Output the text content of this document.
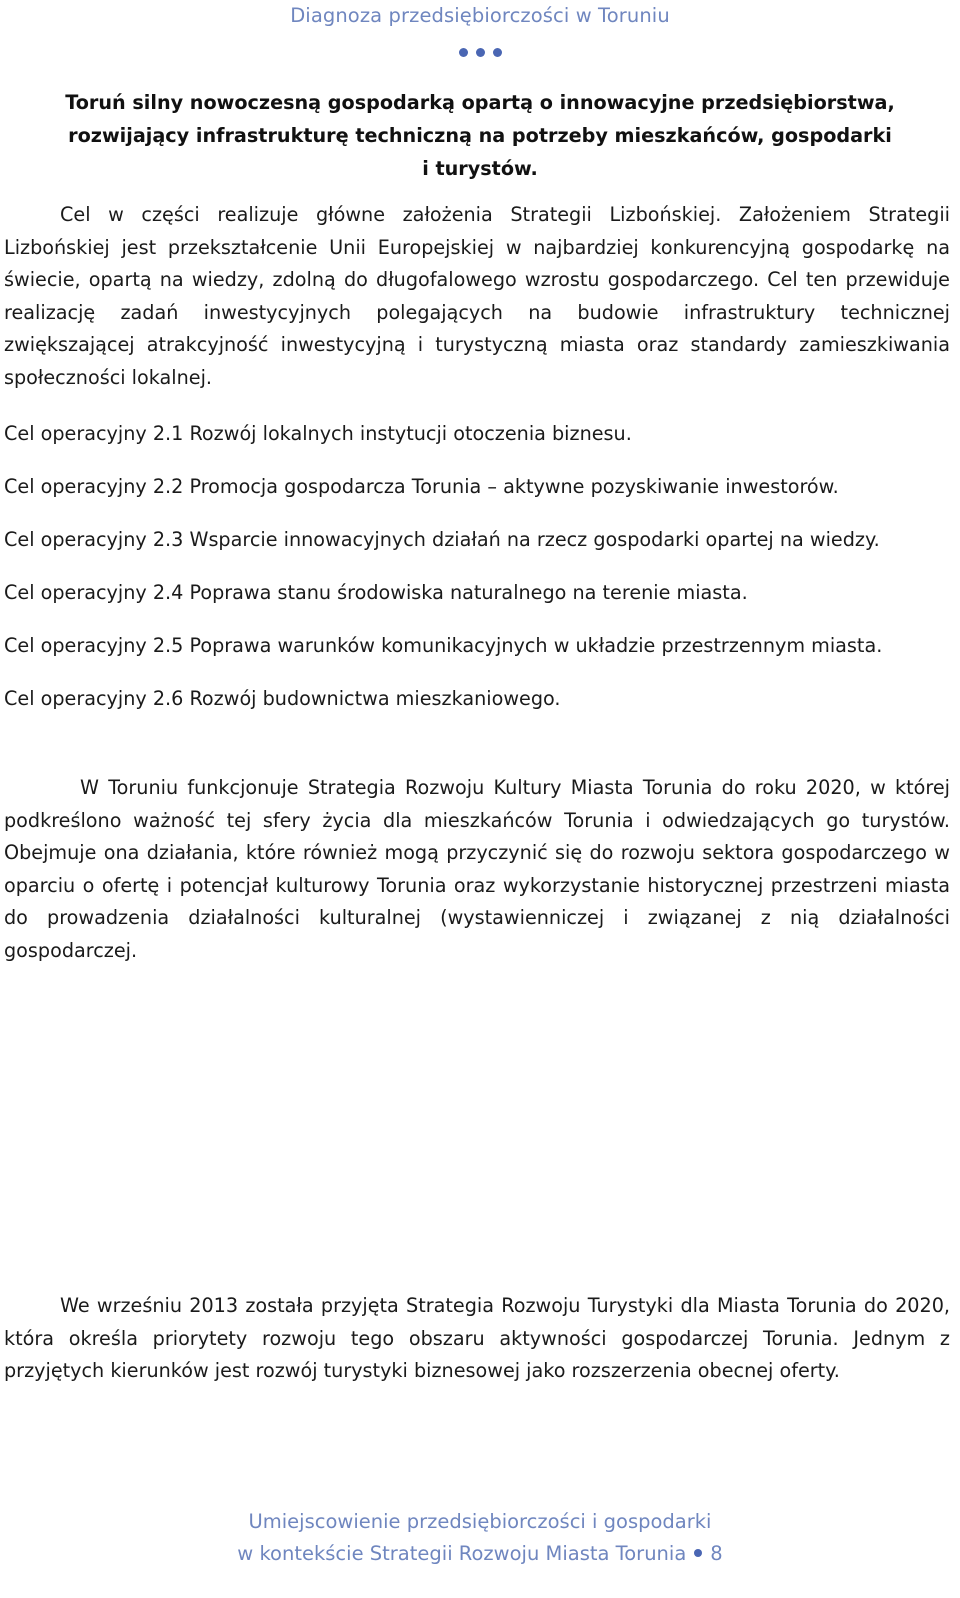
Diagnoza przedsiębiorczości w Toruniu
Toruń silny nowoczesną gospodarką opartą o innowacyjne przedsiębiorstwa,
rozwijający infrastrukturę techniczną na potrzeby mieszkańców, gospodarki
i turystów.

Cel w części realizuje główne założenia Strategii Lizbońskiej. Założeniem Strategii Lizbońskiej jest przekształcenie Unii Europejskiej w najbardziej konkurencyjną gospodarkę na świecie, opartą na wiedzy, zdolną do długofalowego wzrostu gospodarczego. Cel ten przewiduje realizację zadań inwestycyjnych polegających na budowie infrastruktury technicznej zwiększającej atrakcyjność inwestycyjną i turystyczną miasta oraz standardy zamieszkiwania społeczności lokalnej.

Cel operacyjny 2.1 Rozwój lokalnych instytucji otoczenia biznesu.
Cel operacyjny 2.2 Promocja gospodarcza Torunia – aktywne pozyskiwanie inwestorów.
Cel operacyjny 2.3 Wsparcie innowacyjnych działań na rzecz gospodarki opartej na wiedzy.
Cel operacyjny 2.4 Poprawa stanu środowiska naturalnego na terenie miasta.
Cel operacyjny 2.5 Poprawa warunków komunikacyjnych w układzie przestrzennym miasta.
Cel operacyjny 2.6 Rozwój budownictwa mieszkaniowego.

W Toruniu funkcjonuje Strategia Rozwoju Kultury Miasta Torunia do roku 2020, w której podkreślono ważność tej sfery życia dla mieszkańców Torunia i odwiedzających go turystów. Obejmuje ona działania, które również mogą przyczynić się do rozwoju sektora gospodarczego w oparciu o ofertę i potencjał kulturowy Torunia oraz wykorzystanie historycznej przestrzeni miasta do prowadzenia działalności kulturalnej (wystawienniczej i związanej z nią działalności gospodarczej.

We wrześniu 2013 została przyjęta Strategia Rozwoju Turystyki dla Miasta Torunia do 2020, która określa priorytety rozwoju tego obszaru aktywności gospodarczej Torunia. Jednym z przyjętych kierunków jest rozwój turystyki biznesowej jako rozszerzenia obecnej oferty.

Umiejscowienie przedsiębiorczości i gospodarki
w kontekście Strategii Rozwoju Miasta Torunia 8
